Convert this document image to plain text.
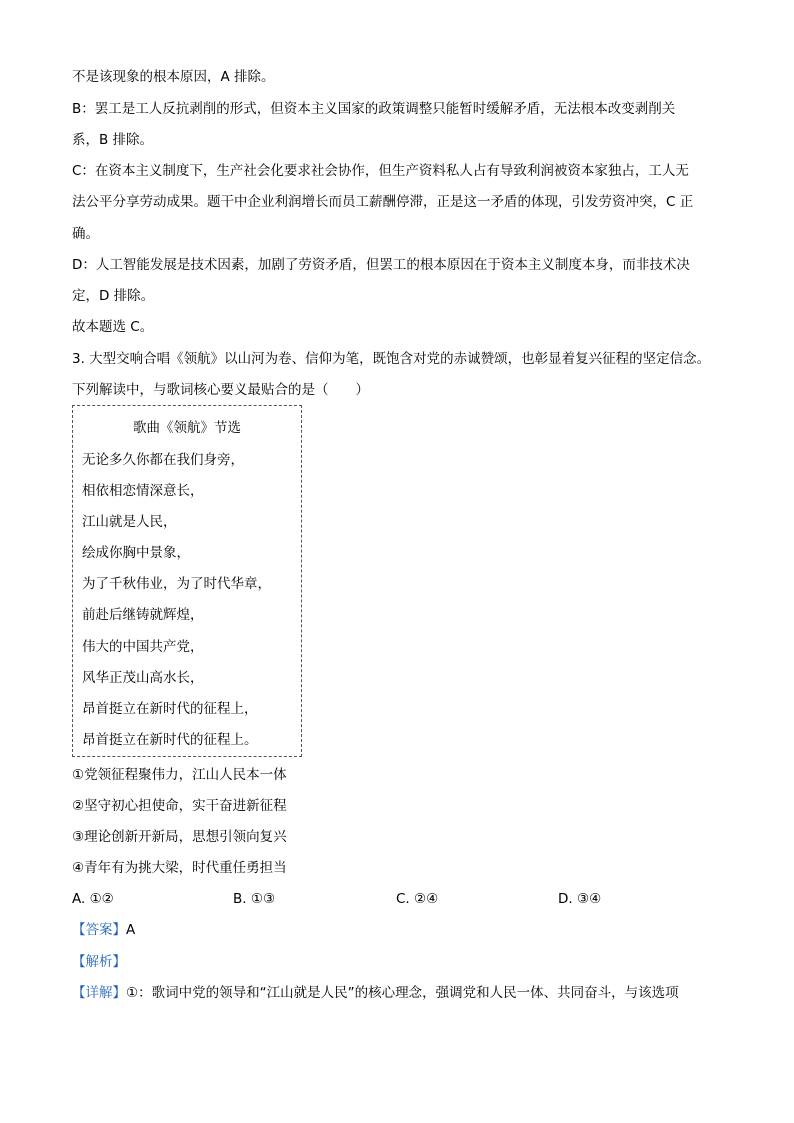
不是该现象的根本原因，A 排除。
B：罢工是工人反抗剥削的形式，但资本主义国家的政策调整只能暂时缓解矛盾，无法根本改变剥削关
系，B 排除。
C：在资本主义制度下，生产社会化要求社会协作，但生产资料私人占有导致利润被资本家独占，工人无
法公平分享劳动成果。题干中企业利润增长而员工薪酬停滞，正是这一矛盾的体现，引发劳资冲突，C 正
确。
D：人工智能发展是技术因素，加剧了劳资矛盾，但罢工的根本原因在于资本主义制度本身，而非技术决
定，D 排除。
故本题选 C。
3. 大型交响合唱《领航》以山河为卷、信仰为笔，既饱含对党的赤诚赞颂，也彰显着复兴征程的坚定信念。
下列解读中，与歌词核心要义最贴合的是（　　）
歌曲《领航》节选
无论多久你都在我们身旁，
相依相恋情深意长，
江山就是人民，
绘成你胸中景象，
为了千秋伟业，为了时代华章，
前赴后继铸就辉煌，
伟大的中国共产党，
风华正茂山高水长，
昂首挺立在新时代的征程上，
昂首挺立在新时代的征程上。
①党领征程聚伟力，江山人民本一体
②坚守初心担使命，实干奋进新征程
③理论创新开新局，思想引领向复兴
④青年有为挑大梁，时代重任勇担当
A. ①②	B. ①③	C. ②④	D. ③④
【答案】A
【解析】
【详解】①：歌词中党的领导和“江山就是人民”的核心理念，强调党和人民一体、共同奋斗，与该选项
